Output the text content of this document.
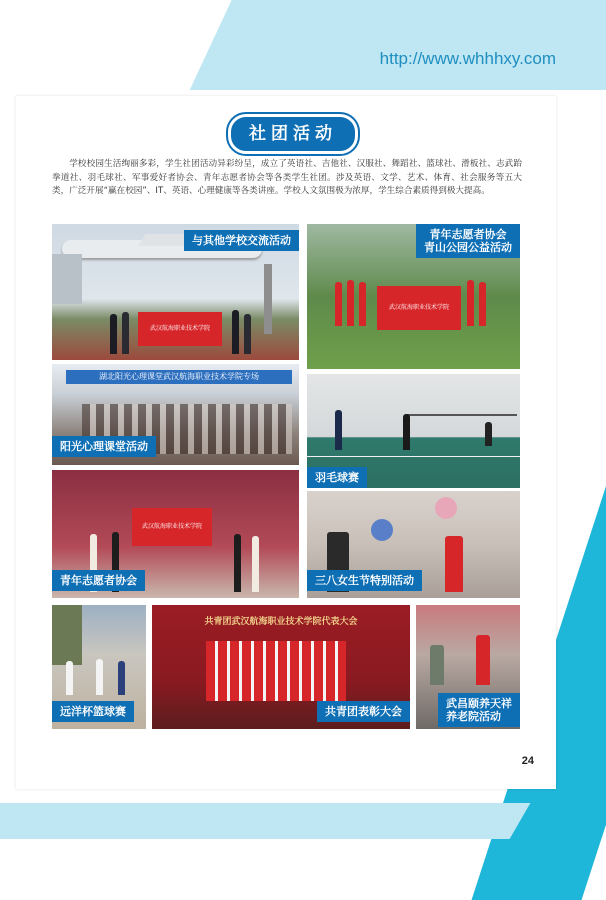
http://www.whhhxy.com
社团活动

学校校园生活绚丽多彩，学生社团活动异彩纷呈，成立了英语社、吉他社、汉服社、舞蹈社、篮球社、滑板社、志武跆拳道社、羽毛球社、军事爱好者协会、青年志愿者协会等各类学生社团。涉及英语、文学、艺术、体育、社会服务等五大类，广泛开展“赢在校园”、IT、英语、心理健康等各类讲座。学校人文氛围极为浓厚，学生综合素质得到极大提高。

武汉航海职业技术学院
与其他学校交流活动
武汉航海职业技术学院
青年志愿者协会
青山公园公益活动
湖北阳光心理课堂武汉航海职业技术学院专场
阳光心理课堂活动
羽毛球赛
武汉航海职业技术学院
青年志愿者协会	三八女生节特别活动
远洋杯篮球赛
共青团武汉航海职业技术学院代表大会
共青团表彰大会
武昌颐养天祥
养老院活动
24
